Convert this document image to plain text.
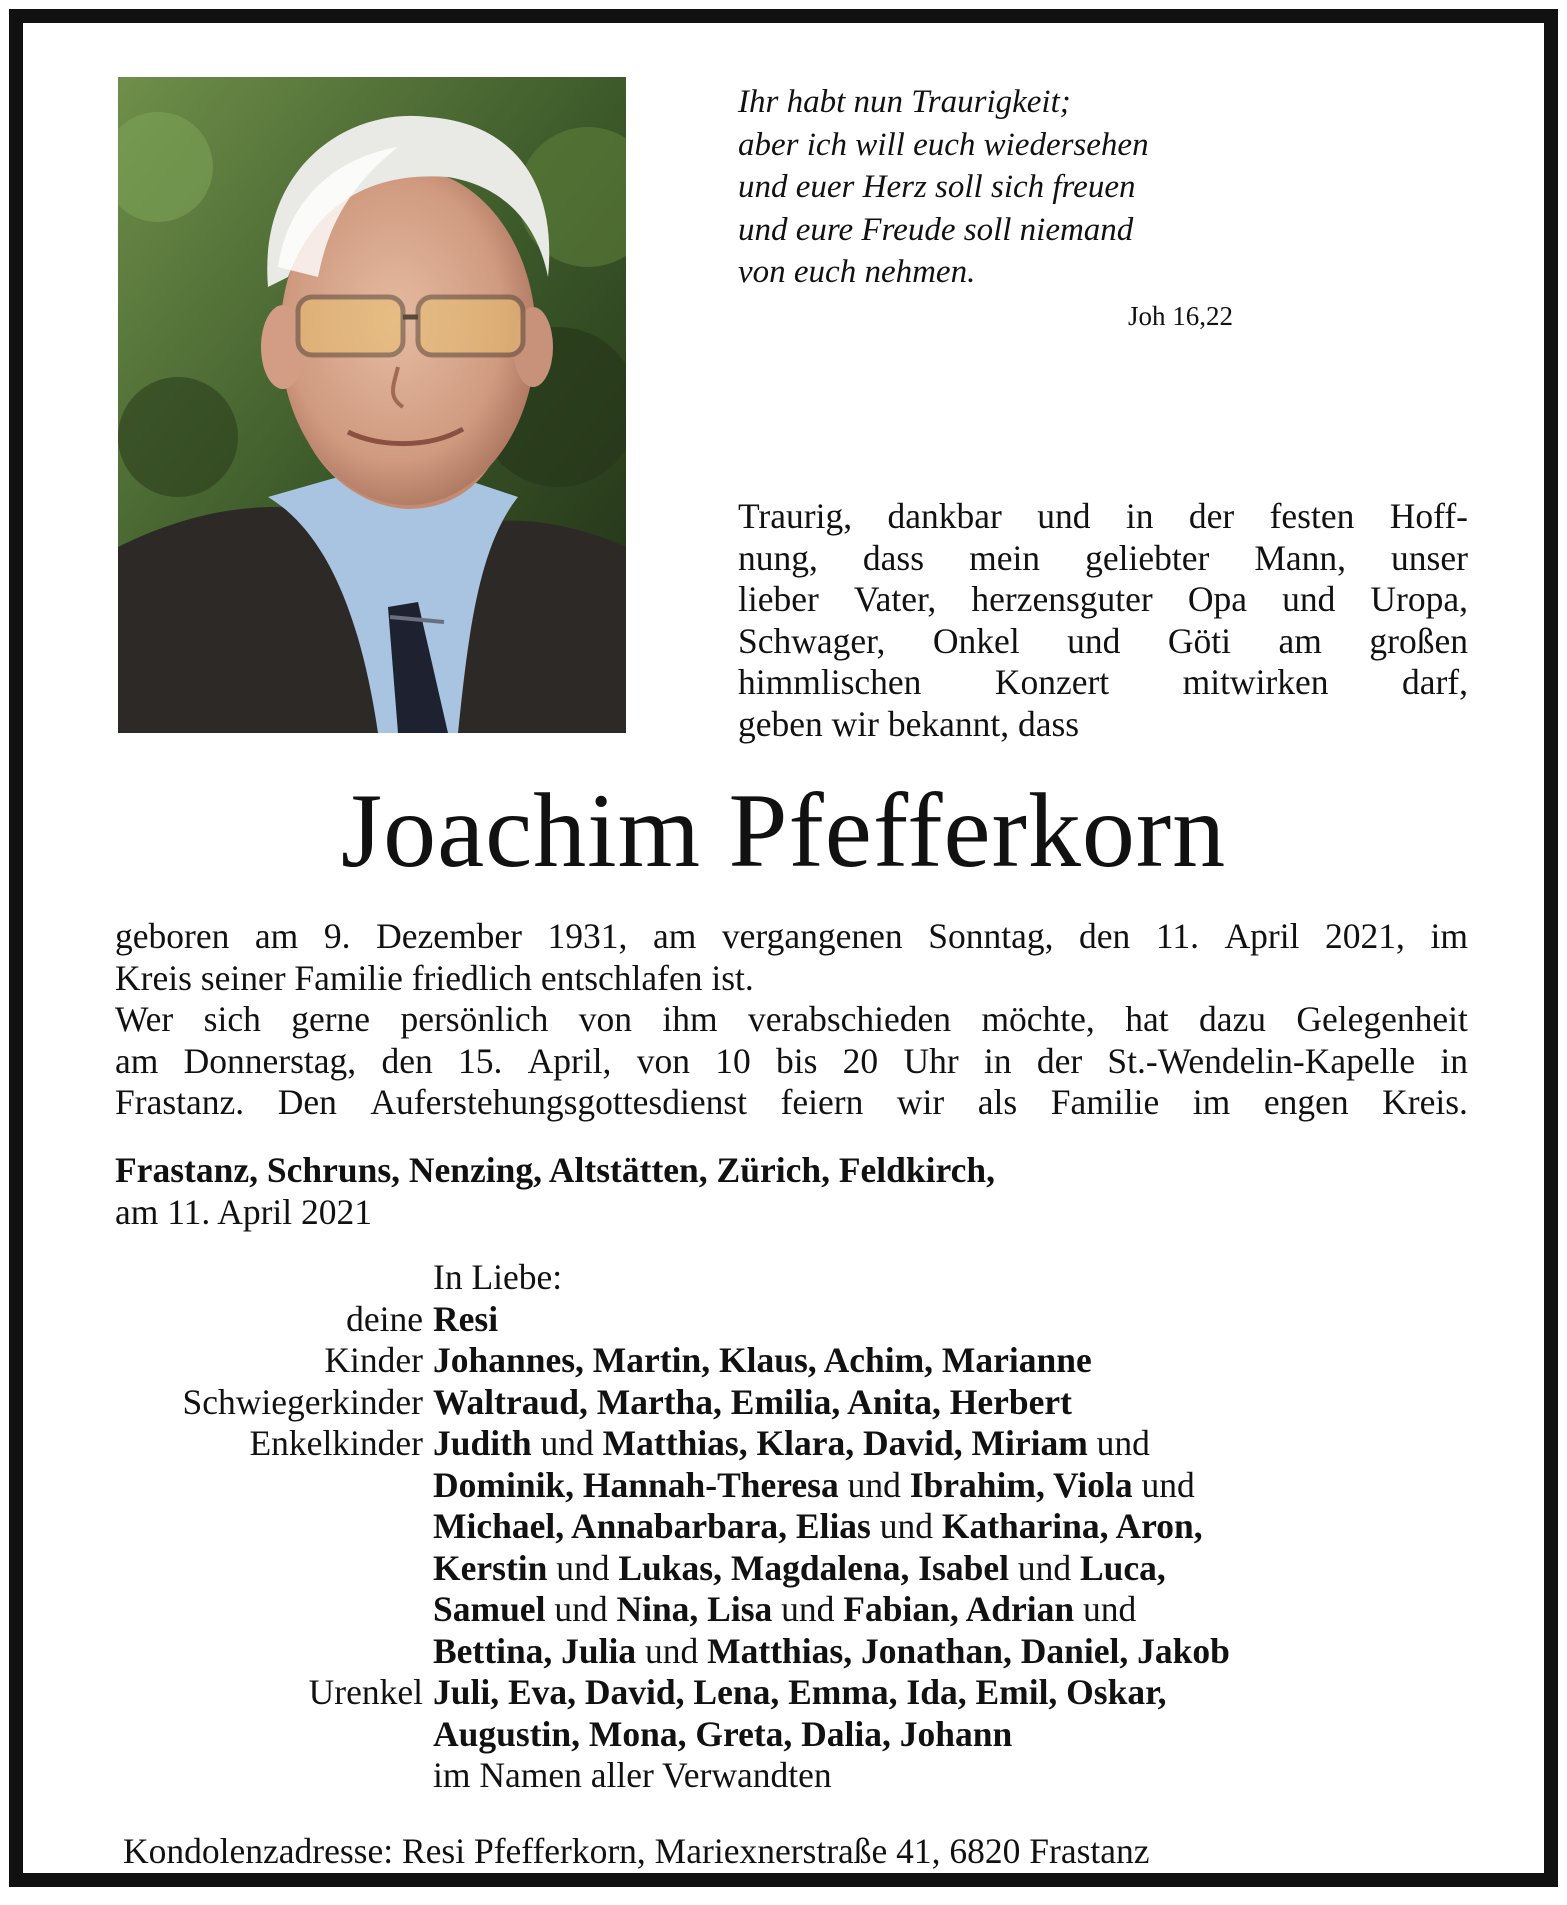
Ihr habt nun Traurigkeit;
aber ich will euch wiedersehen
und euer Herz soll sich freuen
und eure Freude soll niemand
von euch nehmen.
Joh 16,22
Traurig, dankbar und in der festen Hoff-
nung, dass mein geliebter Mann, unser
lieber Vater, herzensguter Opa und Uropa,
Schwager, Onkel und Göti am großen
himmlischen Konzert mitwirken darf,
geben wir bekannt, dass
Joachim Pfefferkorn
geboren am 9. Dezember 1931, am vergangenen Sonntag, den 11. April 2021, im
Kreis seiner Familie friedlich entschlafen ist.
Wer sich gerne persönlich von ihm verabschieden möchte, hat dazu Gelegenheit
am Donnerstag, den 15. April, von 10 bis 20 Uhr in der St.-Wendelin-Kapelle in
Frastanz. Den Auferstehungsgottesdienst feiern wir als Familie im engen Kreis.
Frastanz, Schruns, Nenzing, Altstätten, Zürich, Feldkirch,
am 11. April 2021
In Liebe:
deine Resi
Kinder Johannes, Martin, Klaus, Achim, Marianne
Schwiegerkinder Waltraud, Martha, Emilia, Anita, Herbert
Enkelkinder Judith und Matthias, Klara, David, Miriam und
Dominik, Hannah-Theresa und Ibrahim, Viola und
Michael, Annabarbara, Elias und Katharina, Aron,
Kerstin und Lukas, Magdalena, Isabel und Luca,
Samuel und Nina, Lisa und Fabian, Adrian und
Bettina, Julia und Matthias, Jonathan, Daniel, Jakob
Urenkel Juli, Eva, David, Lena, Emma, Ida, Emil, Oskar,
Augustin, Mona, Greta, Dalia, Johann
im Namen aller Verwandten
Kondolenzadresse: Resi Pfefferkorn, Mariexnerstraße 41, 6820 Frastanz
